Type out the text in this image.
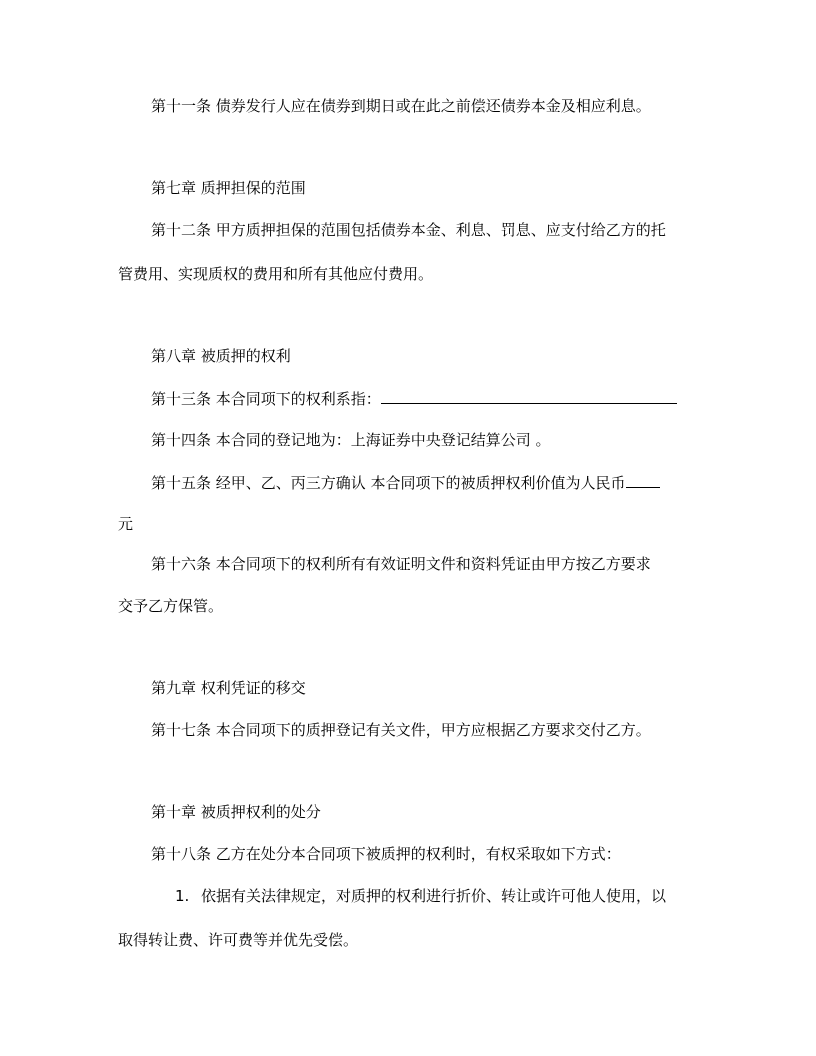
第十一条 债券发行人应在债券到期日或在此之前偿还债券本金及相应利息。
第七章 质押担保的范围
第十二条 甲方质押担保的范围包括债券本金、利息、罚息、应支付给乙方的托
管费用、实现质权的费用和所有其他应付费用。
第八章 被质押的权利
第十三条 本合同项下的权利系指：
第十四条 本合同的登记地为：上海证券中央登记结算公司 。
第十五条 经甲、乙、丙三方确认 本合同项下的被质押权利价值为人民币
元
第十六条 本合同项下的权利所有有效证明文件和资料凭证由甲方按乙方要求
交予乙方保管。
第九章 权利凭证的移交
第十七条 本合同项下的质押登记有关文件，甲方应根据乙方要求交付乙方。
第十章 被质押权利的处分
第十八条 乙方在处分本合同项下被质押的权利时，有权采取如下方式：
1. 依据有关法律规定，对质押的权利进行折价、转让或许可他人使用，以
取得转让费、许可费等并优先受偿。
